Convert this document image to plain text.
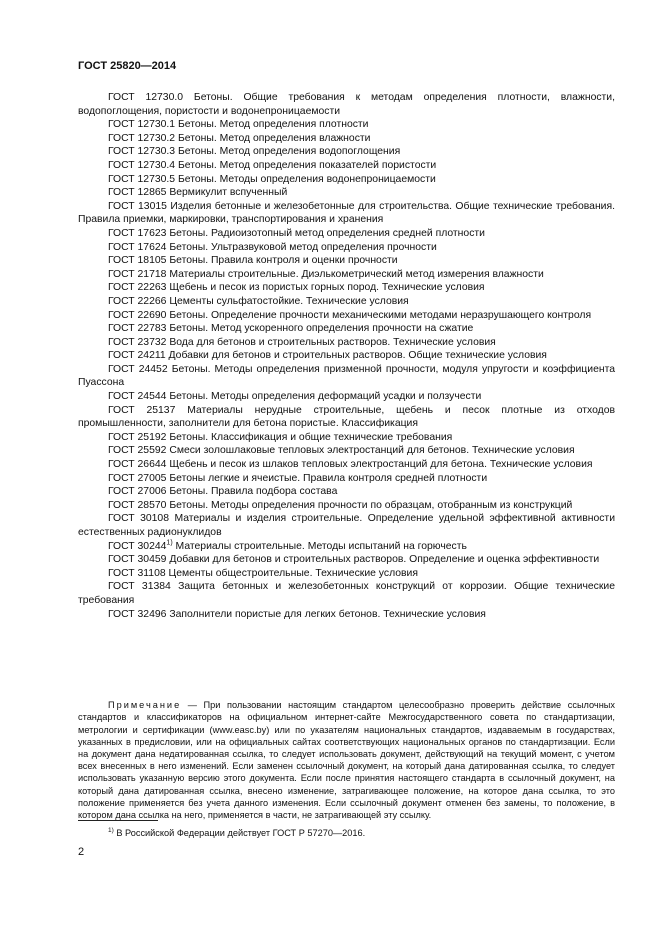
ГОСТ 25820—2014

ГОСТ 12730.0 Бетоны. Общие требования к методам определения плотности, влажности, водопоглощения, пористости и водонепроницаемости

ГОСТ 12730.1 Бетоны. Метод определения плотности

ГОСТ 12730.2 Бетоны. Метод определения влажности

ГОСТ 12730.3 Бетоны. Метод определения водопоглощения

ГОСТ 12730.4 Бетоны. Метод определения показателей пористости

ГОСТ 12730.5 Бетоны. Методы определения водонепроницаемости

ГОСТ 12865 Вермикулит вспученный

ГОСТ 13015 Изделия бетонные и железобетонные для строительства. Общие технические требования. Правила приемки, маркировки, транспортирования и хранения

ГОСТ 17623 Бетоны. Радиоизотопный метод определения средней плотности

ГОСТ 17624 Бетоны. Ультразвуковой метод определения прочности

ГОСТ 18105 Бетоны. Правила контроля и оценки прочности

ГОСТ 21718 Материалы строительные. Диэлькометрический метод измерения влажности

ГОСТ 22263 Щебень и песок из пористых горных пород. Технические условия

ГОСТ 22266 Цементы сульфатостойкие. Технические условия

ГОСТ 22690 Бетоны. Определение прочности механическими методами неразрушающего контроля

ГОСТ 22783 Бетоны. Метод ускоренного определения прочности на сжатие

ГОСТ 23732 Вода для бетонов и строительных растворов. Технические условия

ГОСТ 24211 Добавки для бетонов и строительных растворов. Общие технические условия

ГОСТ 24452 Бетоны. Методы определения призменной прочности, модуля упругости и коэффициента Пуассона

ГОСТ 24544 Бетоны. Методы определения деформаций усадки и ползучести

ГОСТ 25137 Материалы нерудные строительные, щебень и песок плотные из отходов промышленности, заполнители для бетона пористые. Классификация

ГОСТ 25192 Бетоны. Классификация и общие технические требования

ГОСТ 25592 Смеси золошлаковые тепловых электростанций для бетонов. Технические условия

ГОСТ 26644 Щебень и песок из шлаков тепловых электростанций для бетона. Технические условия

ГОСТ 27005 Бетоны легкие и ячеистые. Правила контроля средней плотности

ГОСТ 27006 Бетоны. Правила подбора состава

ГОСТ 28570 Бетоны. Методы определения прочности по образцам, отобранным из конструкций

ГОСТ 30108 Материалы и изделия строительные. Определение удельной эффективной активности естественных радионуклидов

ГОСТ 30244$^{1)}$ Материалы строительные. Методы испытаний на горючесть

ГОСТ 30459 Добавки для бетонов и строительных растворов. Определение и оценка эффективности

ГОСТ 31108 Цементы общестроительные. Технические условия

ГОСТ 31384 Защита бетонных и железобетонных конструкций от коррозии. Общие технические требования

ГОСТ 32496 Заполнители пористые для легких бетонов. Технические условия

Примечание — При пользовании настоящим стандартом целесообразно проверить действие ссылочных стандартов и классификаторов на официальном интернет-сайте Межгосударственного совета по стандартизации, метрологии и сертификации (www.easc.by) или по указателям национальных стандартов, издаваемым в государствах, указанных в предисловии, или на официальных сайтах соответствующих национальных органов по стандартизации. Если на документ дана недатированная ссылка, то следует использовать документ, действующий на текущий момент, с учетом всех внесенных в него изменений. Если заменен ссылочный документ, на который дана датированная ссылка, то следует использовать указанную версию этого документа. Если после принятия настоящего стандарта в ссылочный документ, на который дана датированная ссылка, внесено изменение, затрагивающее положение, на которое дана ссылка, то это положение применяется без учета данного изменения. Если ссылочный документ отменен без замены, то положение, в котором дана ссылка на него, применяется в части, не затрагивающей эту ссылку.

$^{1)}$ В Российской Федерации действует ГОСТ Р 57270—2016.
2
